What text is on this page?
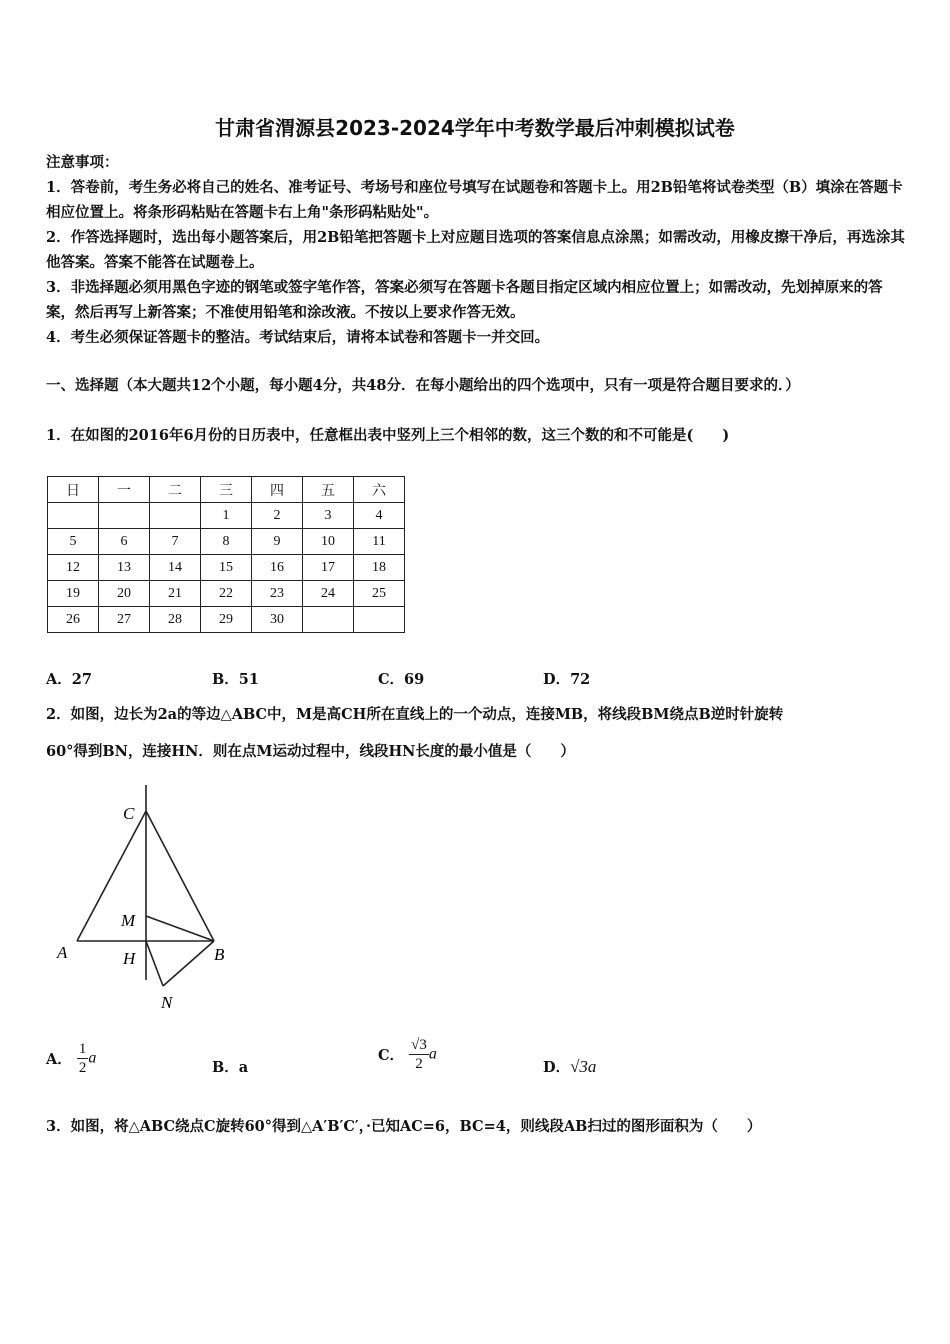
甘肃省渭源县2023-2024学年中考数学最后冲刺模拟试卷
注意事项：
1．答卷前，考生务必将自己的姓名、准考证号、考场号和座位号填写在试题卷和答题卡上。用2B铅笔将试卷类型（B）填涂在答题卡相应位置上。将条形码粘贴在答题卡右上角"条形码粘贴处"。
2．作答选择题时，选出每小题答案后，用2B铅笔把答题卡上对应题目选项的答案信息点涂黑；如需改动，用橡皮擦干净后，再选涂其他答案。答案不能答在试题卷上。
3．非选择题必须用黑色字迹的钢笔或签字笔作答，答案必须写在答题卡各题目指定区域内相应位置上；如需改动，先划掉原来的答案，然后再写上新答案；不准使用铅笔和涂改液。不按以上要求作答无效。
4．考生必须保证答题卡的整洁。考试结束后，请将本试卷和答题卡一并交回。
一、选择题（本大题共12个小题，每小题4分，共48分．在每小题给出的四个选项中，只有一项是符合题目要求的．）
1．在如图的2016年6月份的日历表中，任意框出表中竖列上三个相邻的数，这三个数的和不可能是(　　)
日	一	二	三	四	五	六
			1	2	3	4
5	6	7	8	9	10	11
12	13	14	15	16	17	18
19	20	21	22	23	24	25
26	27	28	29	30		
A．27	B．51	C．69	D．72
2．如图，边长为2a的等边△ABC中，M是高CH所在直线上的一个动点，连接MB，将线段BM绕点B逆时针旋转
60°得到BN，连接HN．则在点M运动过程中，线段HN长度的最小值是（　　）
C
M
A	H	B
N
A． $\frac{1}{2}$ a
B．a
C． $\frac{√3}{2}$ a
D．√3a
3．如图，将△ABC绕点C旋转60°得到△A′B′C′，·已知AC=6，BC=4，则线段AB扫过的图形面积为（　　）
